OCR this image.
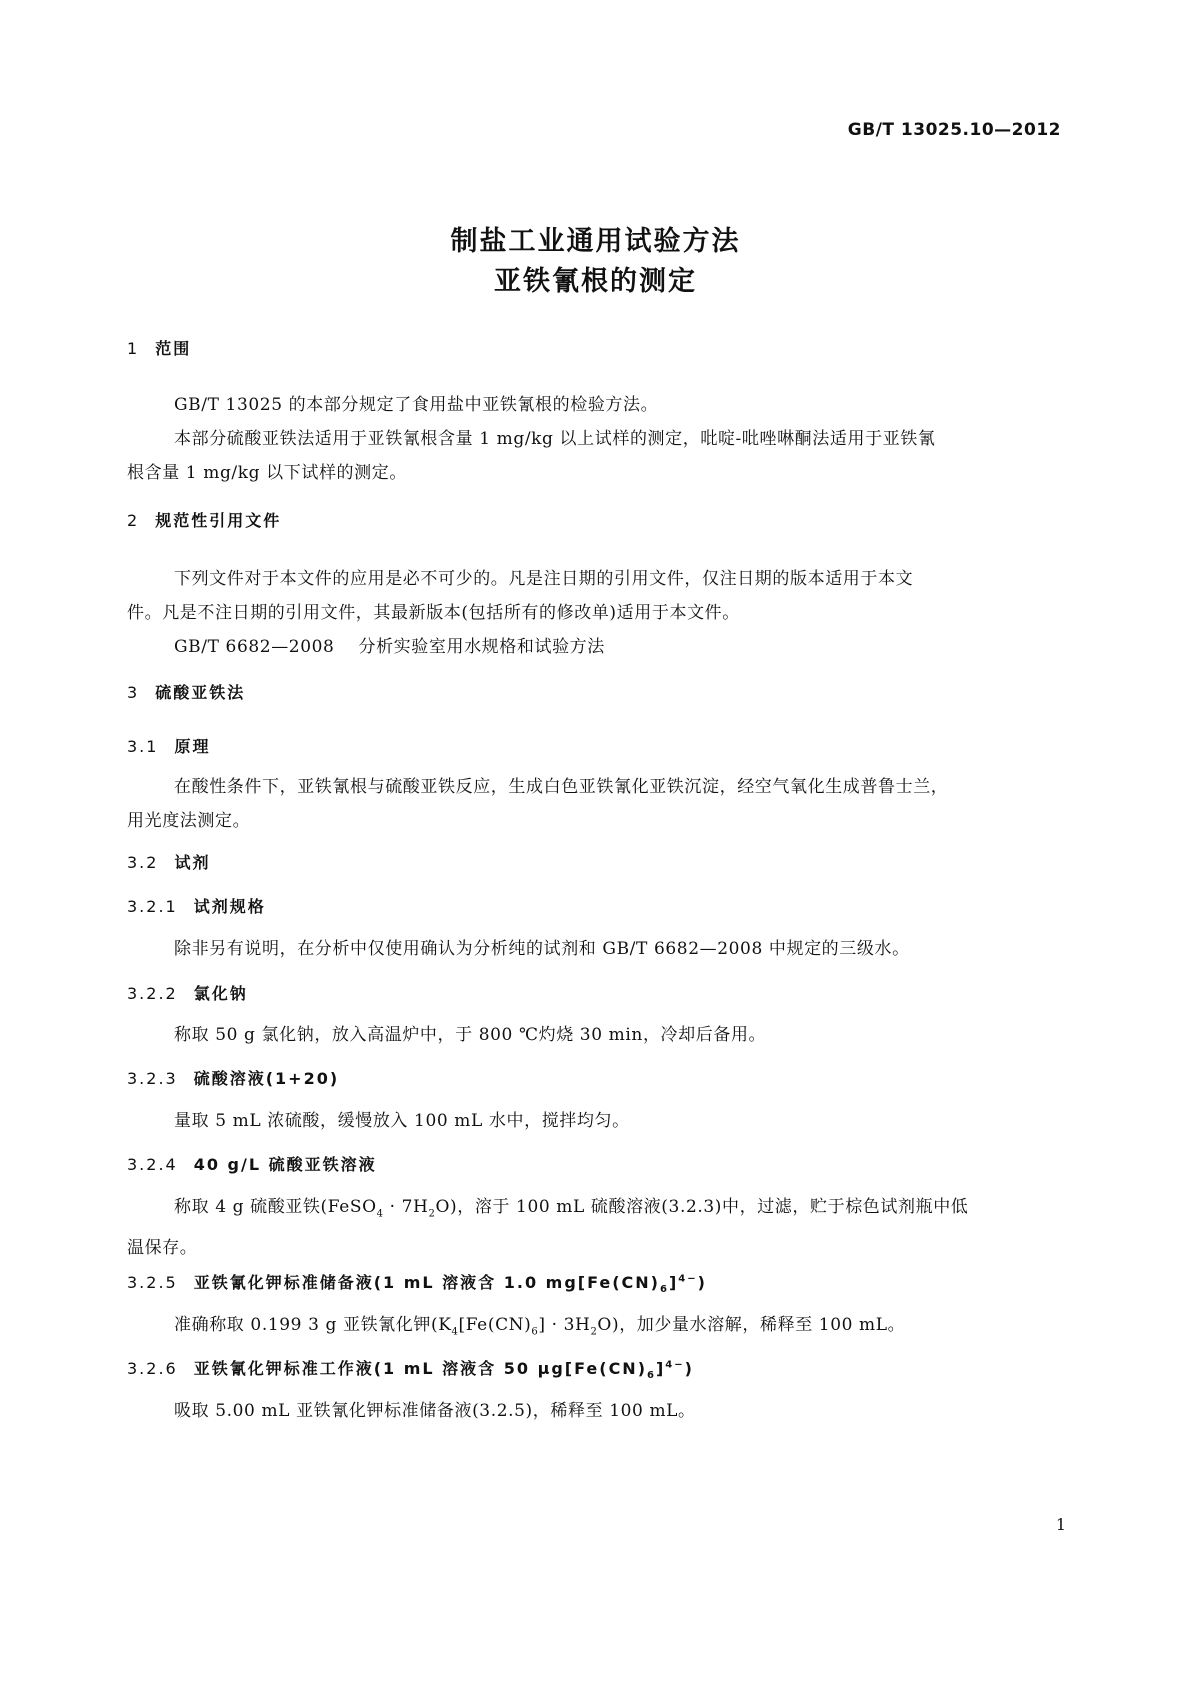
GB/T 13025.10—2012
制盐工业通用试验方法
亚铁氰根的测定
1 范围
GB/T 13025 的本部分规定了食用盐中亚铁氰根的检验方法。
本部分硫酸亚铁法适用于亚铁氰根含量 1 mg/kg 以上试样的测定，吡啶-吡唑啉酮法适用于亚铁氰
根含量 1 mg/kg 以下试样的测定。
2 规范性引用文件
下列文件对于本文件的应用是必不可少的。凡是注日期的引用文件，仅注日期的版本适用于本文
件。凡是不注日期的引用文件，其最新版本(包括所有的修改单)适用于本文件。
GB/T 6682—2008 分析实验室用水规格和试验方法
3 硫酸亚铁法
3.1 原理
在酸性条件下，亚铁氰根与硫酸亚铁反应，生成白色亚铁氰化亚铁沉淀，经空气氧化生成普鲁士兰，
用光度法测定。
3.2 试剂
3.2.1 试剂规格
除非另有说明，在分析中仅使用确认为分析纯的试剂和 GB/T 6682—2008 中规定的三级水。
3.2.2 氯化钠
称取 50 g 氯化钠，放入高温炉中，于 800 ℃灼烧 30 min，冷却后备用。
3.2.3 硫酸溶液(1+20)
量取 5 mL 浓硫酸，缓慢放入 100 mL 水中，搅拌均匀。
3.2.4 40 g/L 硫酸亚铁溶液
称取 4 g 硫酸亚铁(FeSO$_4$ · $7H_2O$)，溶于 100 mL 硫酸溶液(3.2.3)中，过滤，贮于棕色试剂瓶中低
温保存。
3.2.5 亚铁氰化钾标准储备液(1 mL 溶液含 1.0 $mg[Fe(CN)_6]^{4-}$)
准确称取 0.199 3 g 亚铁氰化钾$(K_4[Fe(CN)_6] \cdot 3H_2O)$，加少量水溶解，稀释至 100 mL。
3.2.6 亚铁氰化钾标准工作液(1 mL 溶液含 50 $\mu g[Fe(CN)_6]^{4-}$)
吸取 5.00 mL 亚铁氰化钾标准储备液(3.2.5)，稀释至 100 mL。
1
